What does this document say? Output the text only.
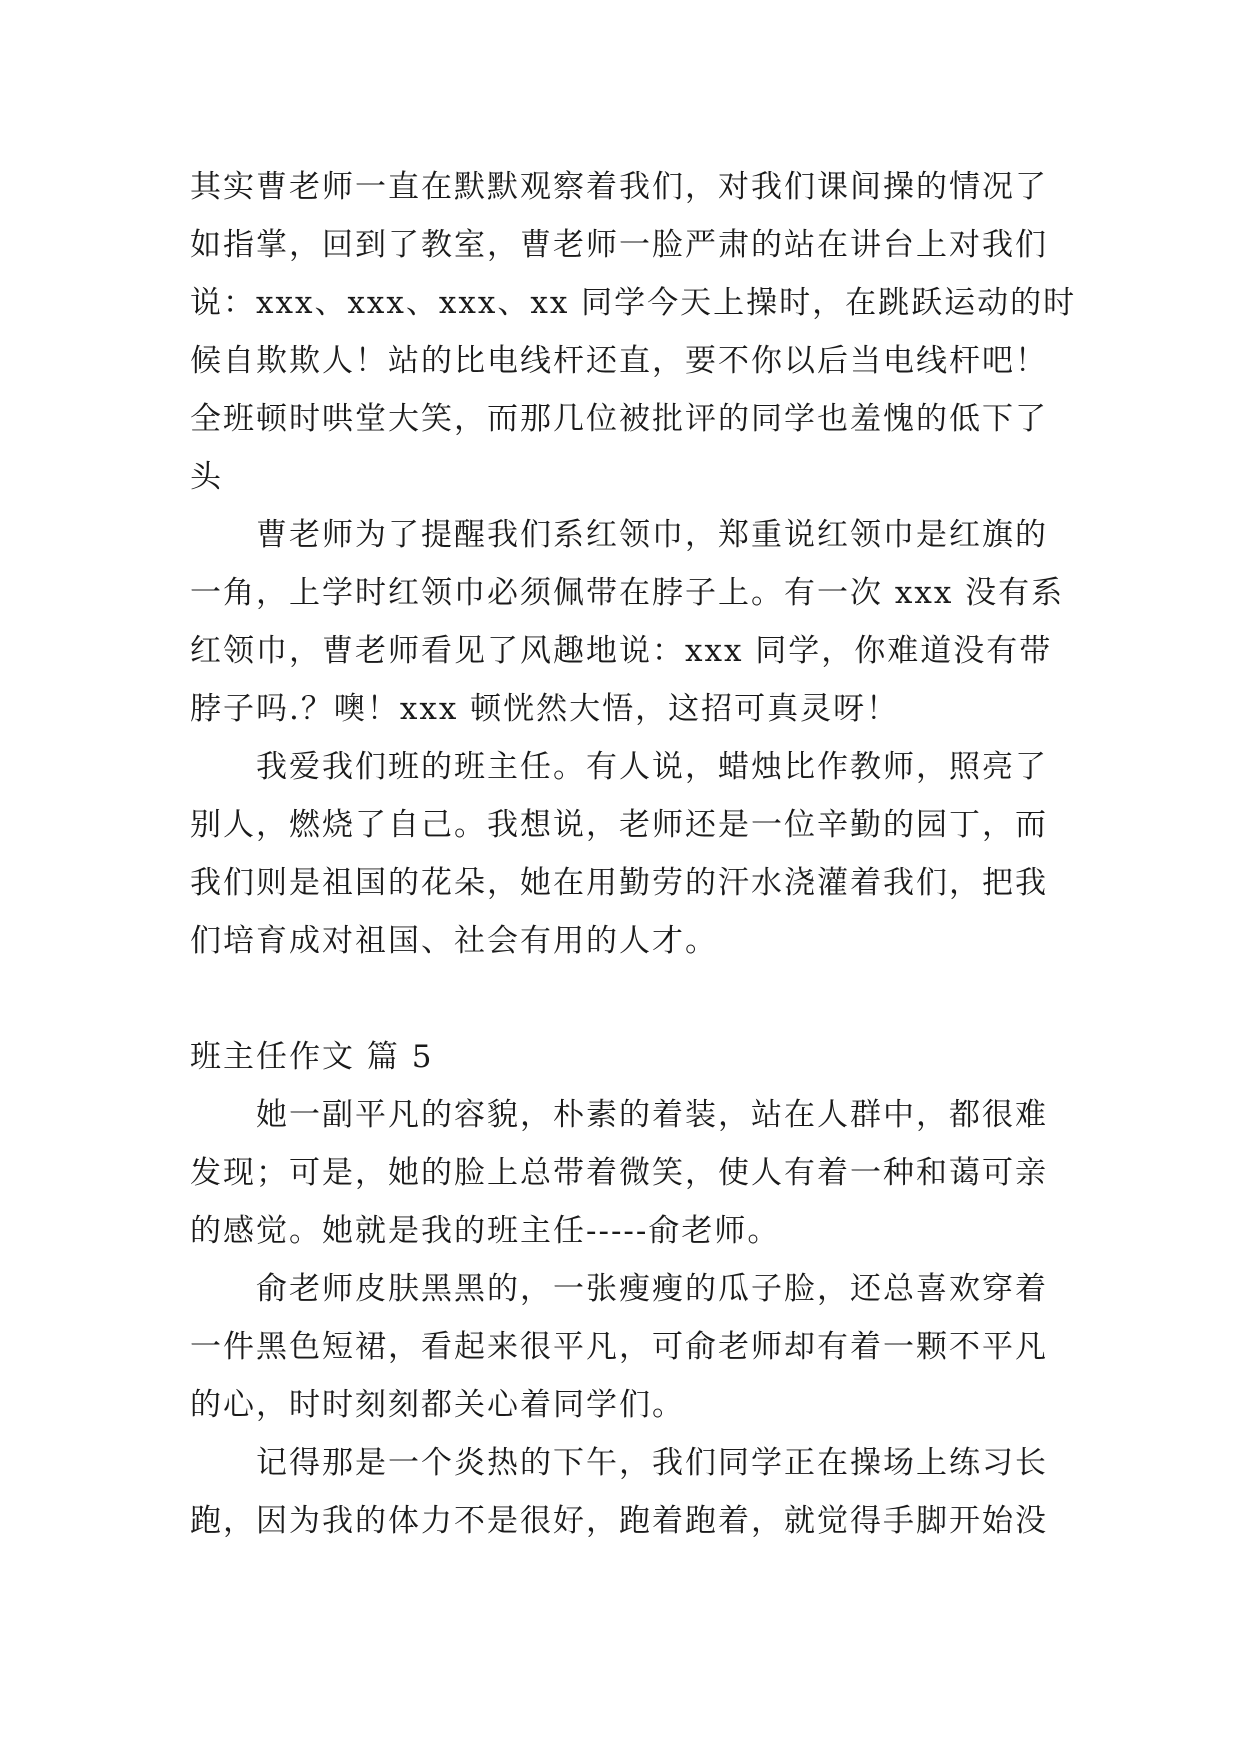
其实曹老师一直在默默观察着我们，对我们课间操的情况了
如指掌，回到了教室，曹老师一脸严肃的站在讲台上对我们
说：xxx、xxx、xxx、xx 同学今天上操时，在跳跃运动的时
候自欺欺人！站的比电线杆还直，要不你以后当电线杆吧！
全班顿时哄堂大笑，而那几位被批评的同学也羞愧的低下了
头
　　曹老师为了提醒我们系红领巾，郑重说红领巾是红旗的
一角，上学时红领巾必须佩带在脖子上。有一次 xxx 没有系
红领巾，曹老师看见了风趣地说：xxx 同学，你难道没有带
脖子吗.？噢！xxx 顿恍然大悟，这招可真灵呀！
　　我爱我们班的班主任。有人说，蜡烛比作教师，照亮了
别人，燃烧了自己。我想说，老师还是一位辛勤的园丁，而
我们则是祖国的花朵，她在用勤劳的汗水浇灌着我们，把我
们培育成对祖国、社会有用的人才。
班主任作文 篇 5
　　她一副平凡的容貌，朴素的着装，站在人群中，都很难
发现；可是，她的脸上总带着微笑，使人有着一种和蔼可亲
的感觉。她就是我的班主任-----俞老师。
　　俞老师皮肤黑黑的，一张瘦瘦的瓜子脸，还总喜欢穿着
一件黑色短裙，看起来很平凡，可俞老师却有着一颗不平凡
的心，时时刻刻都关心着同学们。
　　记得那是一个炎热的下午，我们同学正在操场上练习长
跑，因为我的体力不是很好，跑着跑着，就觉得手脚开始没
